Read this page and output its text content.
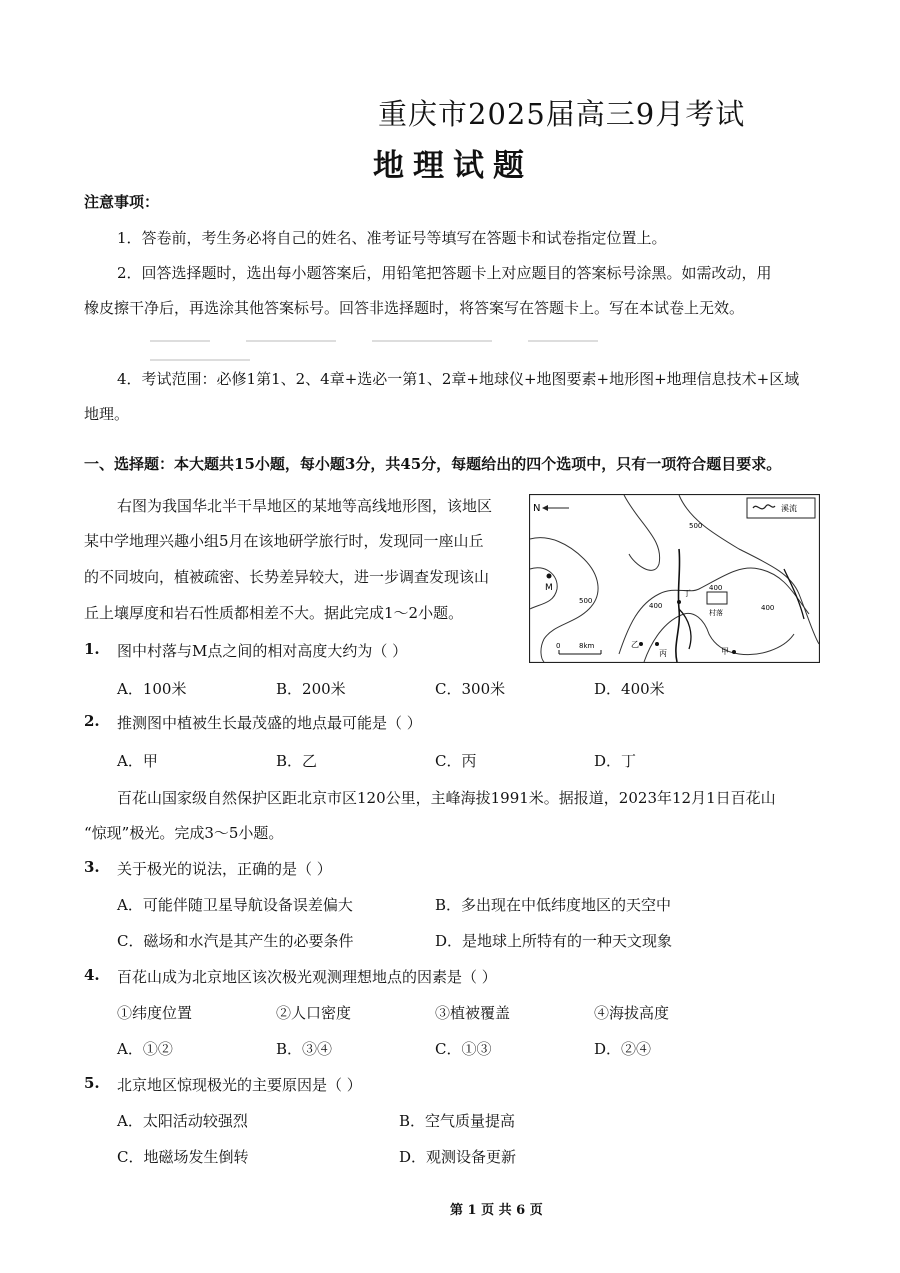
重庆市2025届高三9月考试
地理试题
注意事项：
1．答卷前，考生务必将自己的姓名、准考证号等填写在答题卡和试卷指定位置上。
2．回答选择题时，选出每小题答案后，用铅笔把答题卡上对应题目的答案标号涂黑。如需改动，用
橡皮擦干净后，再选涂其他答案标号。回答非选择题时，将答案写在答题卡上。写在本试卷上无效。
4．考试范围：必修1第1、2、4章+选必一第1、2章+地球仪+地图要素+地形图+地理信息技术+区域
地理。
一、选择题：本大题共15小题，每小题3分，共45分，每题给出的四个选项中，只有一项符合题目要求。
右图为我国华北半干旱地区的某地等高线地形图，该地区
某中学地理兴趣小组5月在该地研学旅行时，发现同一座山丘
的不同坡向，植被疏密、长势差异较大，进一步调查发现该山
丘上壤厚度和岩石性质都相差不大。据此完成1～2小题。
N	溪流
500
500
400	400
400
M
村落
甲
乙
丙
丁
0	8km
1. 图中村落与M点之间的相对高度大约为（ ）
A．100米	B．200米	C．300米	D．400米
2. 推测图中植被生长最茂盛的地点最可能是（ ）
A．甲	B．乙	C．丙	D．丁
百花山国家级自然保护区距北京市区120公里，主峰海拔1991米。据报道，2023年12月1日百花山
“惊现”极光。完成3～5小题。
3. 关于极光的说法，正确的是（ ）
A．可能伴随卫星导航设备误差偏大	B．多出现在中低纬度地区的天空中
C．磁场和水汽是其产生的必要条件	D．是地球上所特有的一种天文现象
4. 百花山成为北京地区该次极光观测理想地点的因素是（ ）
①纬度位置	②人口密度	③植被覆盖	④海拔高度
A．①②	B．③④	C．①③	D．②④
5. 北京地区惊现极光的主要原因是（ ）
A．太阳活动较强烈	B．空气质量提高
C．地磁场发生倒转	D．观测设备更新
第 1 页 共 6 页
